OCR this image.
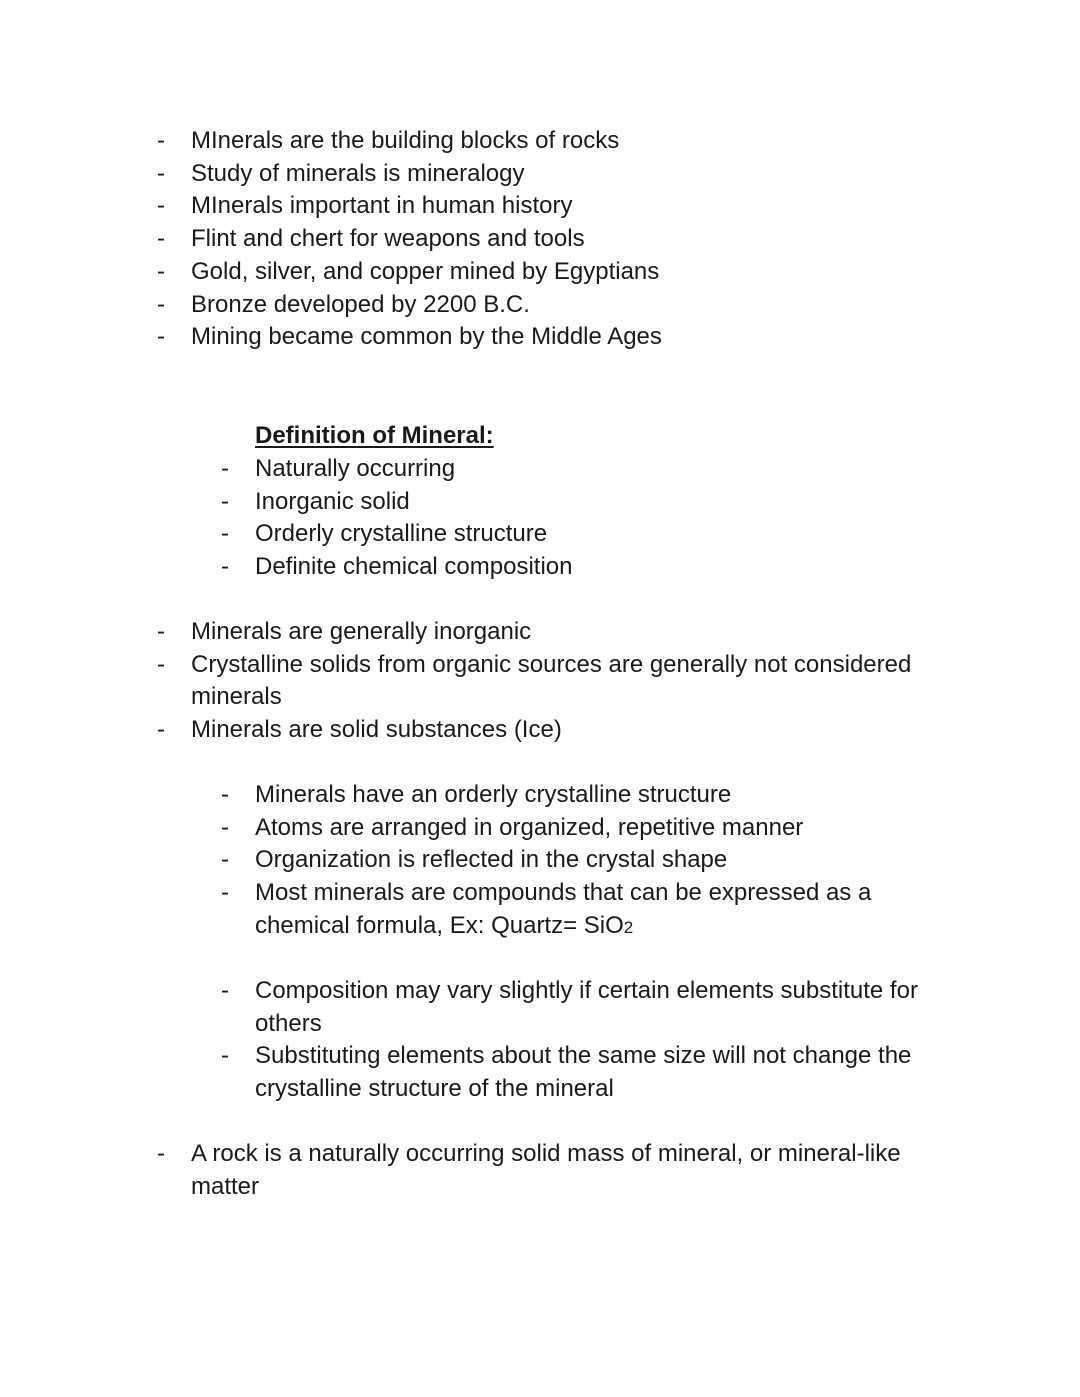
- MInerals are the building blocks of rocks
- Study of minerals is mineralogy
- MInerals important in human history
- Flint and chert for weapons and tools
- Gold, silver, and copper mined by Egyptians
- Bronze developed by 2200 B.C.
- Mining became common by the Middle Ages
Definition of Mineral:
- Naturally occurring
- Inorganic solid
- Orderly crystalline structure
- Definite chemical composition
- Minerals are generally inorganic
- Crystalline solids from organic sources are generally not considered minerals
- Minerals are solid substances (Ice)
- Minerals have an orderly crystalline structure
- Atoms are arranged in organized, repetitive manner
- Organization is reflected in the crystal shape
- Most minerals are compounds that can be expressed as a chemical formula, Ex: Quartz= SiO2
- Composition may vary slightly if certain elements substitute for others
- Substituting elements about the same size will not change the crystalline structure of the mineral
- A rock is a naturally occurring solid mass of mineral, or mineral-like matter
